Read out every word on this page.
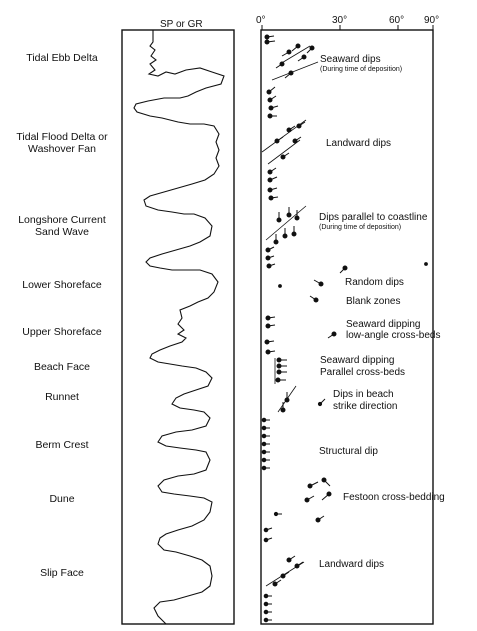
SP or GR	0°	30°	60° 90°
Tidal Ebb Delta
Tidal Flood Delta or Washover Fan
Longshore Current Sand Wave
Lower Shoreface
Upper Shoreface
Beach Face
Runnet
Berm Crest
Dune
Slip Face
Seaward dips
(During time of deposition)
Landward dips
Dips parallel to coastline
(During time of deposition)
Random dips
Blank zones
Seaward dipping
low-angle cross-beds
Seaward dipping
Parallel cross-beds
Dips in beach
strike direction
Structural dip
Festoon cross-bedding
Landward dips
